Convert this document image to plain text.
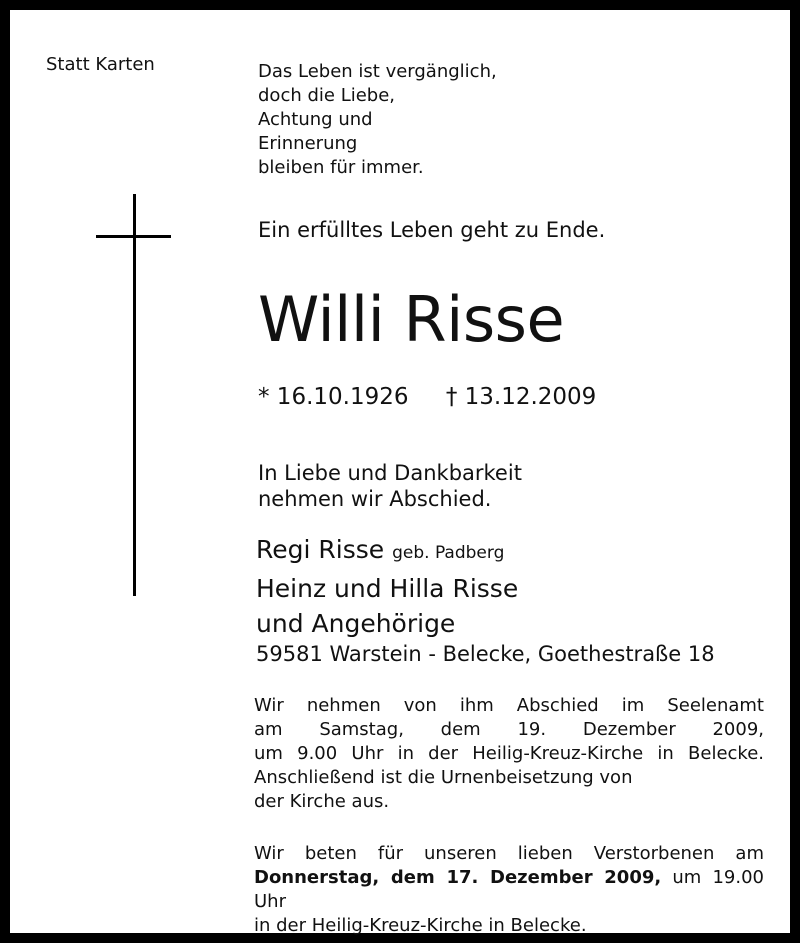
Statt Karten	Das Leben ist vergänglich,
doch die Liebe,
Achtung und
Erinnerung
bleiben für immer.
Ein erfülltes Leben geht zu Ende.
Willi Risse
* 16.10.1926 † 13.12.2009
In Liebe und Dankbarkeit
nehmen wir Abschied.
Regi Risse geb. Padberg
Heinz und Hilla Risse
und Angehörige
59581 Warstein - Belecke, Goethestraße 18
Wir nehmen von ihm Abschied im Seelenamt
am Samstag, dem 19. Dezember 2009,
um 9.00 Uhr in der Heilig-Kreuz-Kirche in Belecke.
Anschließend ist die Urnenbeisetzung von
der Kirche aus.
Wir beten für unseren lieben Verstorbenen am
Donnerstag, dem 17. Dezember 2009, um 19.00 Uhr
in der Heilig-Kreuz-Kirche in Belecke.
